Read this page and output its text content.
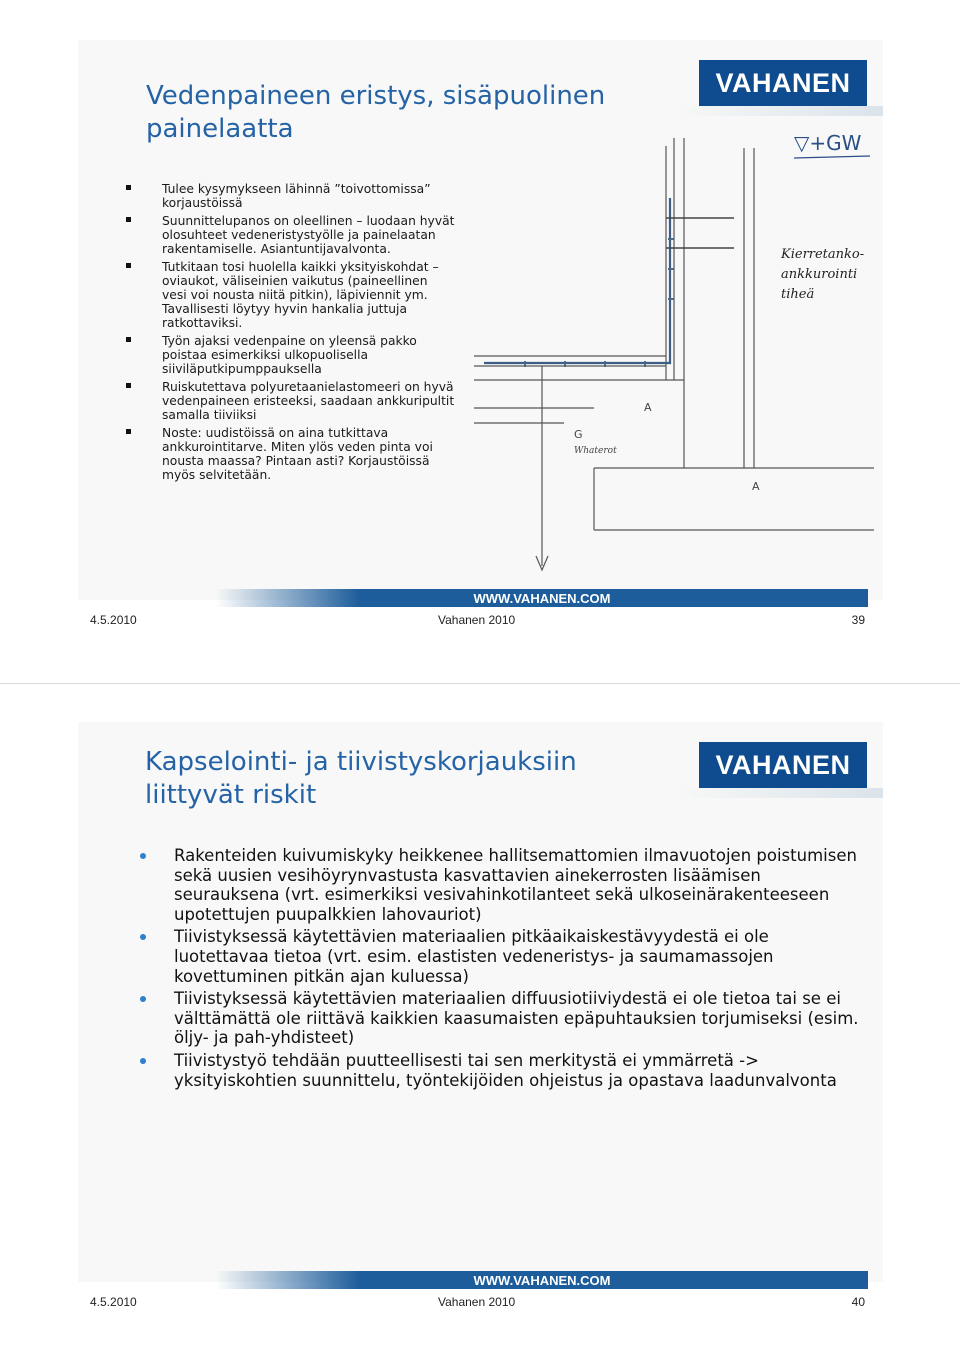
VAHANEN
Vedenpaineen eristys, sisäpuolinen painelaatta
Tulee kysymykseen lähinnä ”toivottomissa” korjaustöissä
Suunnittelupanos on oleellinen – luodaan hyvät olosuhteet vedeneristystyölle ja painelaatan rakentamiselle. Asiantuntijavalvonta.
Tutkitaan tosi huolella kaikki yksityiskohdat – oviaukot, väliseinien vaikutus (paineellinen vesi voi nousta niitä pitkin), läpiviennit ym. Tavallisesti löytyy hyvin hankalia juttuja ratkottaviksi.
Työn ajaksi vedenpaine on yleensä pakko poistaa esimerkiksi ulkopuolisella siiviläputkipumppauksella
Ruiskutettava polyuretaanielastomeeri on hyvä vedenpaineen eristeeksi, saadaan ankkuripultit samalla tiiviiksi
Noste: uudistöissä on aina tutkittava ankkurointitarve. Miten ylös veden pinta voi nousta maassa? Pintaan asti? Korjaustöissä myös selvitetään.
▽+GW
Kierretanko-
ankkurointi
tiheä
A
A
G
Whaterot
WWW.VAHANEN.COM
4.5.2010	Vahanen 2010	39
VAHANEN
Kapselointi- ja tiivistyskorjauksiin liittyvät riskit
Rakenteiden kuivumiskyky heikkenee hallitsemattomien ilmavuotojen poistumisen sekä uusien vesihöyrynvastusta kasvattavien ainekerrosten lisäämisen seurauksena (vrt. esimerkiksi vesivahinkotilanteet sekä ulkoseinärakenteeseen upotettujen puupalkkien lahovauriot)
Tiivistyksessä käytettävien materiaalien pitkäaikaiskestävyydestä ei ole luotettavaa tietoa (vrt. esim. elastisten vedeneristys- ja saumamassojen kovettuminen pitkän ajan kuluessa)
Tiivistyksessä käytettävien materiaalien diffuusiotiiviydestä ei ole tietoa tai se ei välttämättä ole riittävä kaikkien kaasumaisten epäpuhtauksien torjumiseksi (esim. öljy- ja pah-yhdisteet)
Tiivistystyö tehdään puutteellisesti tai sen merkitystä ei ymmärretä -> yksityiskohtien suunnittelu, työntekijöiden ohjeistus ja opastava laadunvalvonta
WWW.VAHANEN.COM
4.5.2010	Vahanen 2010	40
